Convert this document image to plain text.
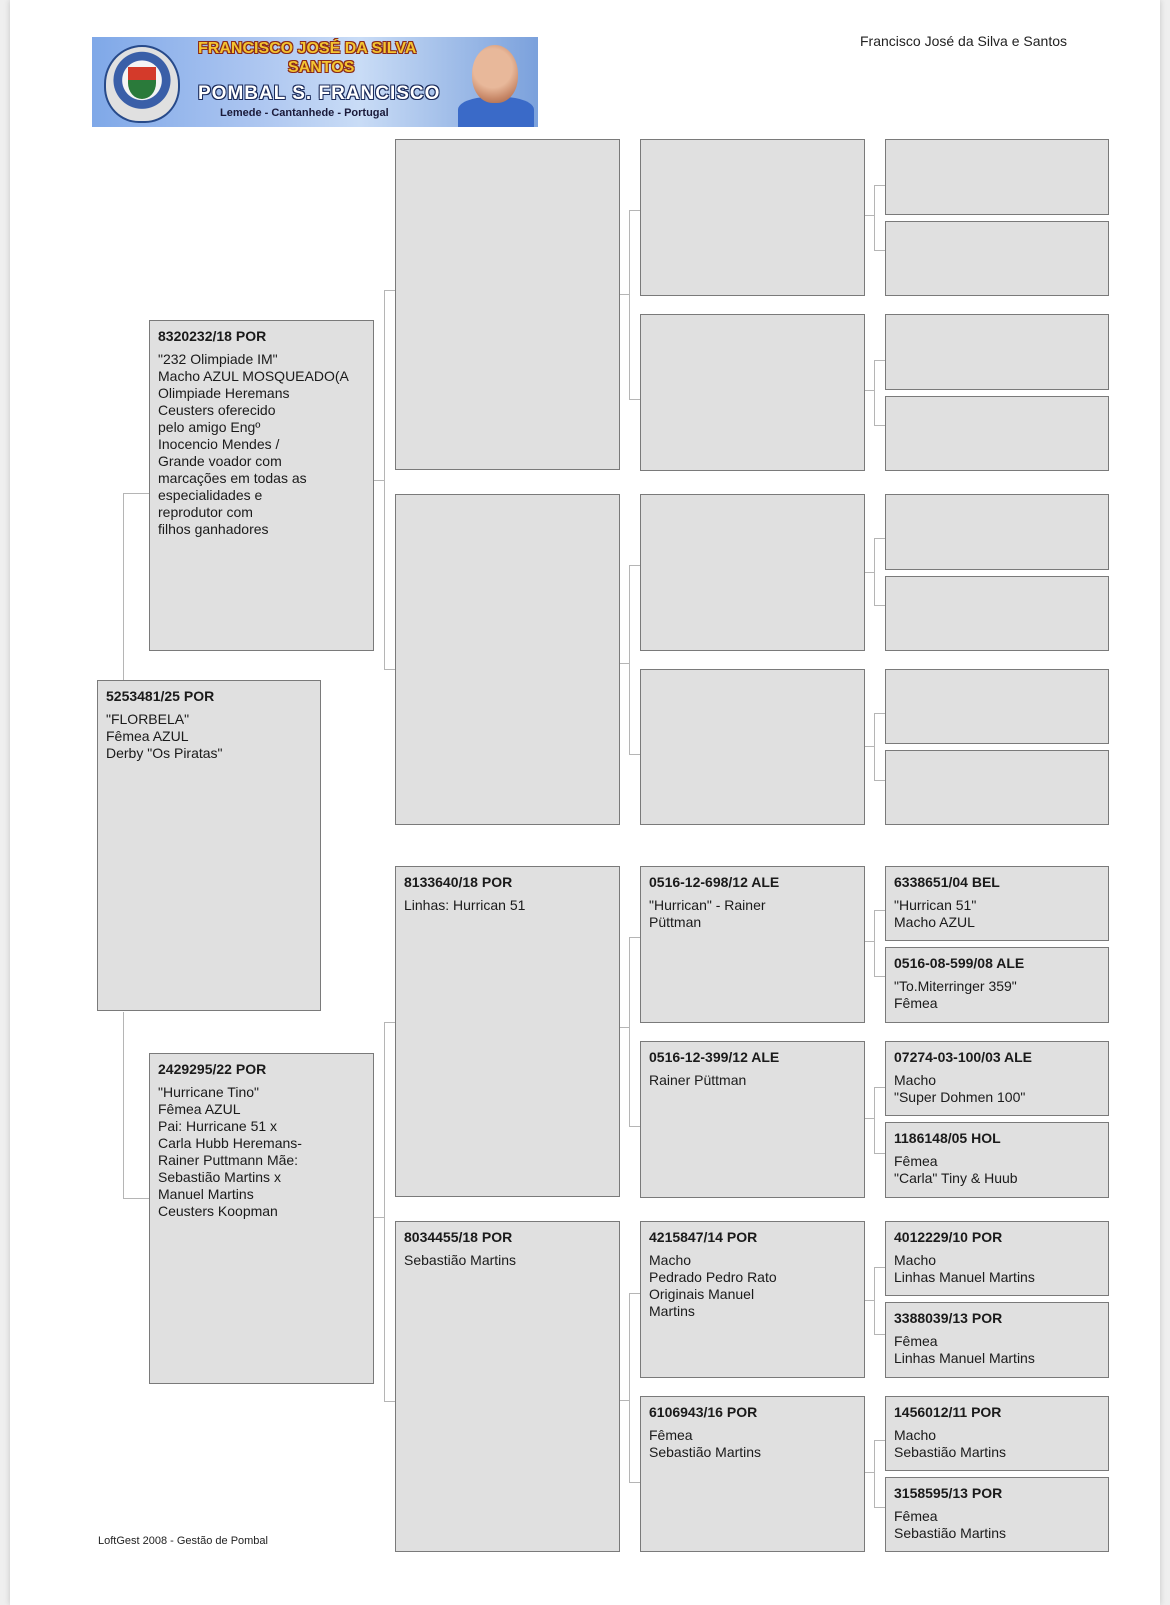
FRANCISCO JOSÉ DA SILVA
SANTOS
POMBAL S. FRANCISCO
Lemede - Cantanhede - Portugal
Francisco José da Silva e Santos
5253481/25 POR
"FLORBELA"
Fêmea AZUL
Derby "Os Piratas"
8320232/18 POR
"232 Olimpiade IM"
Macho AZUL MOSQUEADO(A
Olimpiade Heremans
Ceusters oferecido
pelo amigo Engº
Inocencio Mendes /
Grande voador com
marcações em todas as
especialidades e
reprodutor com
filhos ganhadores
2429295/22 POR
"Hurricane Tino"
Fêmea AZUL
Pai: Hurricane 51 x
Carla Hubb Heremans-
Rainer Puttmann Mãe:
Sebastião Martins x
Manuel Martins
Ceusters Koopman
8133640/18 POR
Linhas: Hurrican 51
8034455/18 POR
Sebastião Martins
0516-12-698/12 ALE
"Hurrican" - Rainer
Püttman
0516-12-399/12 ALE
Rainer Püttman
4215847/14 POR
Macho
Pedrado Pedro Rato
Originais Manuel
Martins
6106943/16 POR
Fêmea
Sebastião Martins
6338651/04 BEL
"Hurrican 51"
Macho AZUL
0516-08-599/08 ALE
"To.Miterringer 359"
Fêmea
07274-03-100/03 ALE
Macho
"Super Dohmen 100"
1186148/05 HOL
Fêmea
"Carla" Tiny & Huub
4012229/10 POR
Macho
Linhas Manuel Martins
3388039/13 POR
Fêmea
Linhas Manuel Martins
1456012/11 POR
Macho
Sebastião Martins
3158595/13 POR
Fêmea
Sebastião Martins
LoftGest 2008 - Gestão de Pombal
